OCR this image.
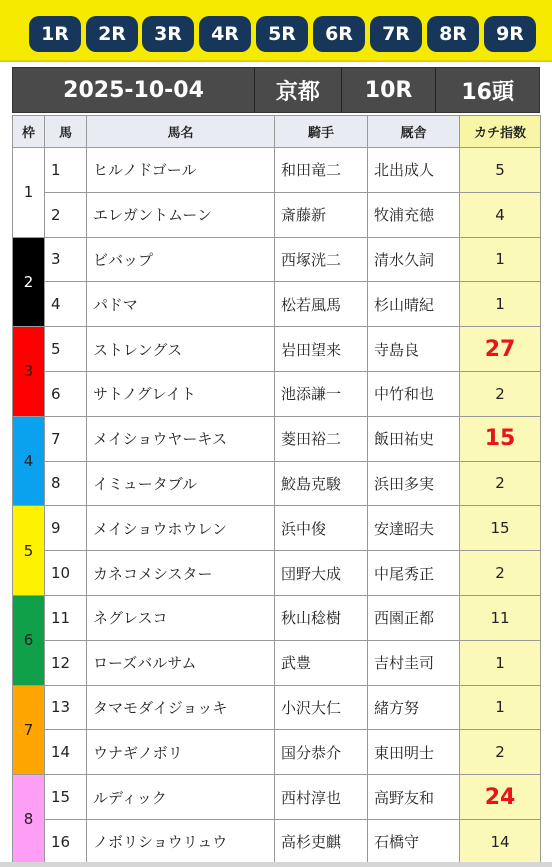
1R	2R	3R	4R	5R	6R	7R	8R	9R
2025-10-04	京都	10R	16頭
枠	馬	馬名	騎手	厩舎	カチ指数
1	1	ヒルノドゴール	和田竜二	北出成人	5
	2	エレガントムーン	斎藤新	牧浦充徳	4
2	3	ビバップ	西塚洸二	清水久詞	1
	4	パドマ	松若風馬	杉山晴紀	1
3	5	ストレングス	岩田望来	寺島良	27
	6	サトノグレイト	池添謙一	中竹和也	2
4	7	メイショウヤーキス	菱田裕二	飯田祐史	15
	8	イミュータブル	鮫島克駿	浜田多実	2
5	9	メイショウホウレン	浜中俊	安達昭夫	15
	10	カネコメシスター	団野大成	中尾秀正	2
6	11	ネグレスコ	秋山稔樹	西園正都	11
	12	ローズバルサム	武豊	吉村圭司	1
7	13	タマモダイジョッキ	小沢大仁	緒方努	1
	14	ウナギノボリ	国分恭介	東田明士	2
8	15	ルディック	西村淳也	高野友和	24
	16	ノボリショウリュウ	高杉吏麒	石橋守	14
